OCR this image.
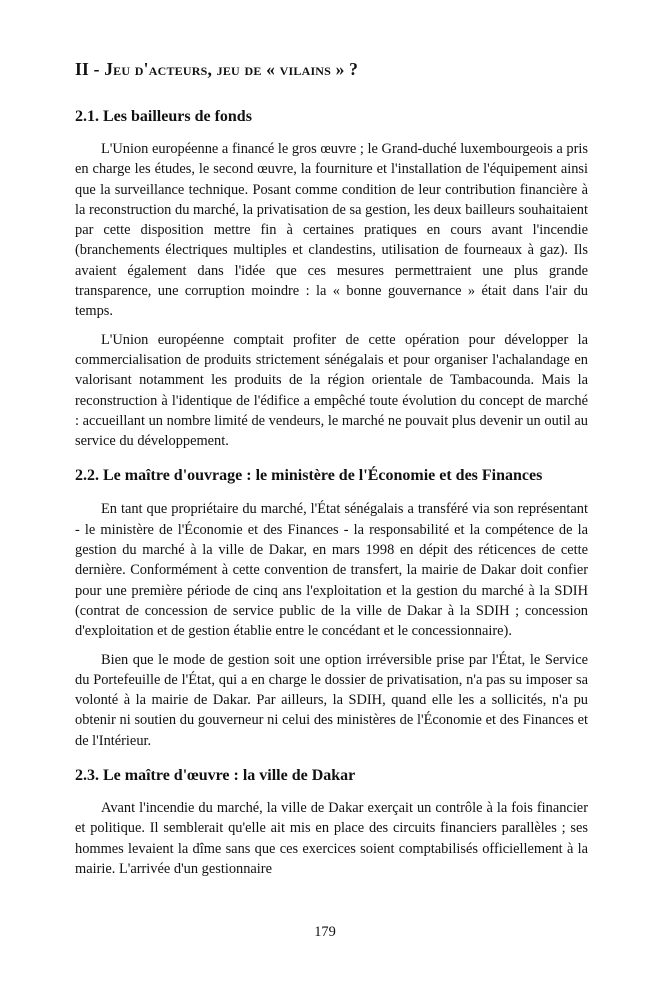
II - Jeu d'acteurs, jeu de « vilains » ?
2.1. Les bailleurs de fonds

L'Union européenne a financé le gros œuvre ; le Grand-duché luxembourgeois a pris en charge les études, le second œuvre, la fourniture et l'installation de l'équipement ainsi que la surveillance technique. Posant comme condition de leur contribution financière à la reconstruction du marché, la privatisation de sa gestion, les deux bailleurs souhaitaient par cette disposition mettre fin à certaines pratiques en cours avant l'incendie (branchements électriques multiples et clandestins, utilisation de fourneaux à gaz). Ils avaient également dans l'idée que ces mesures permettraient une plus grande transparence, une corruption moindre : la « bonne gouvernance » était dans l'air du temps.

L'Union européenne comptait profiter de cette opération pour développer la commercialisation de produits strictement sénégalais et pour organiser l'achalandage en valorisant notamment les produits de la région orientale de Tambacounda. Mais la reconstruction à l'identique de l'édifice a empêché toute évolution du concept de marché : accueillant un nombre limité de vendeurs, le marché ne pouvait plus devenir un outil au service du développement.

2.2. Le maître d'ouvrage : le ministère de l'Économie et des Finances

En tant que propriétaire du marché, l'État sénégalais a transféré via son représentant - le ministère de l'Économie et des Finances - la responsabilité et la compétence de la gestion du marché à la ville de Dakar, en mars 1998 en dépit des réticences de cette dernière. Conformément à cette convention de transfert, la mairie de Dakar doit confier pour une première période de cinq ans l'exploitation et la gestion du marché à la SDIH (contrat de concession de service public de la ville de Dakar à la SDIH ; concession d'exploitation et de gestion établie entre le concédant et le concessionnaire).

Bien que le mode de gestion soit une option irréversible prise par l'État, le Service du Portefeuille de l'État, qui a en charge le dossier de privatisation, n'a pas su imposer sa volonté à la mairie de Dakar. Par ailleurs, la SDIH, quand elle les a sollicités, n'a pu obtenir ni soutien du gouverneur ni celui des ministères de l'Économie et des Finances et de l'Intérieur.

2.3. Le maître d'œuvre : la ville de Dakar

Avant l'incendie du marché, la ville de Dakar exerçait un contrôle à la fois financier et politique. Il semblerait qu'elle ait mis en place des circuits financiers parallèles ; ses hommes levaient la dîme sans que ces exercices soient comptabilisés officiellement à la mairie. L'arrivée d'un gestionnaire

179
